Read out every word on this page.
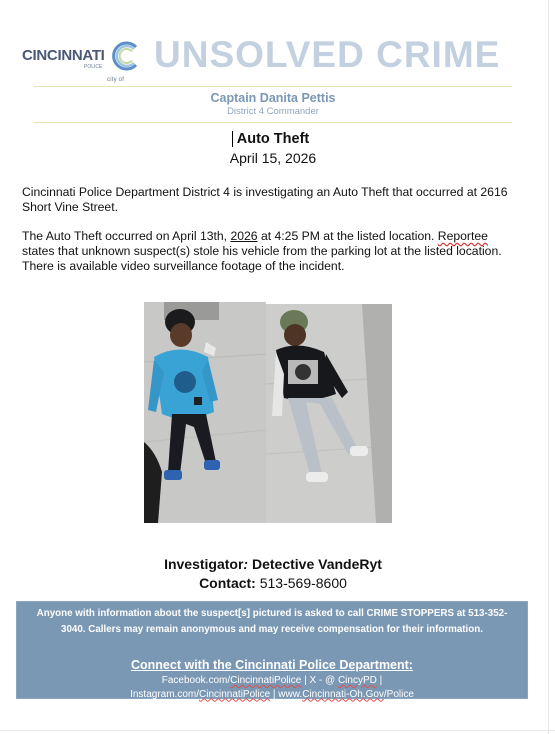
city of
CINCINNATI
POLICE UNSOLVED CRIME
Captain Danita Pettis
District 4 Commander
Auto Theft
April 15, 2026
Cincinnati Police Department District 4 is investigating an Auto Theft that occurred at 2616 Short Vine Street.
The Auto Theft occurred on April 13th, 2026 at 4:25 PM at the listed location. Reportee states that unknown suspect(s) stole his vehicle from the parking lot at the listed location. There is available video surveillance footage of the incident.
Investigator: Detective VandeRyt
Contact: 513-569-8600
Anyone with information about the suspect[s] pictured is asked to call CRIME STOPPERS at 513-352-3040. Callers may remain anonymous and may receive compensation for their information.
Connect with the Cincinnati Police Department:
Facebook.com/CincinnatiPolice | X - @ CincyPD |
Instagram.com/CincinnatiPolice | www.Cincinnati-Oh.Gov/Police
